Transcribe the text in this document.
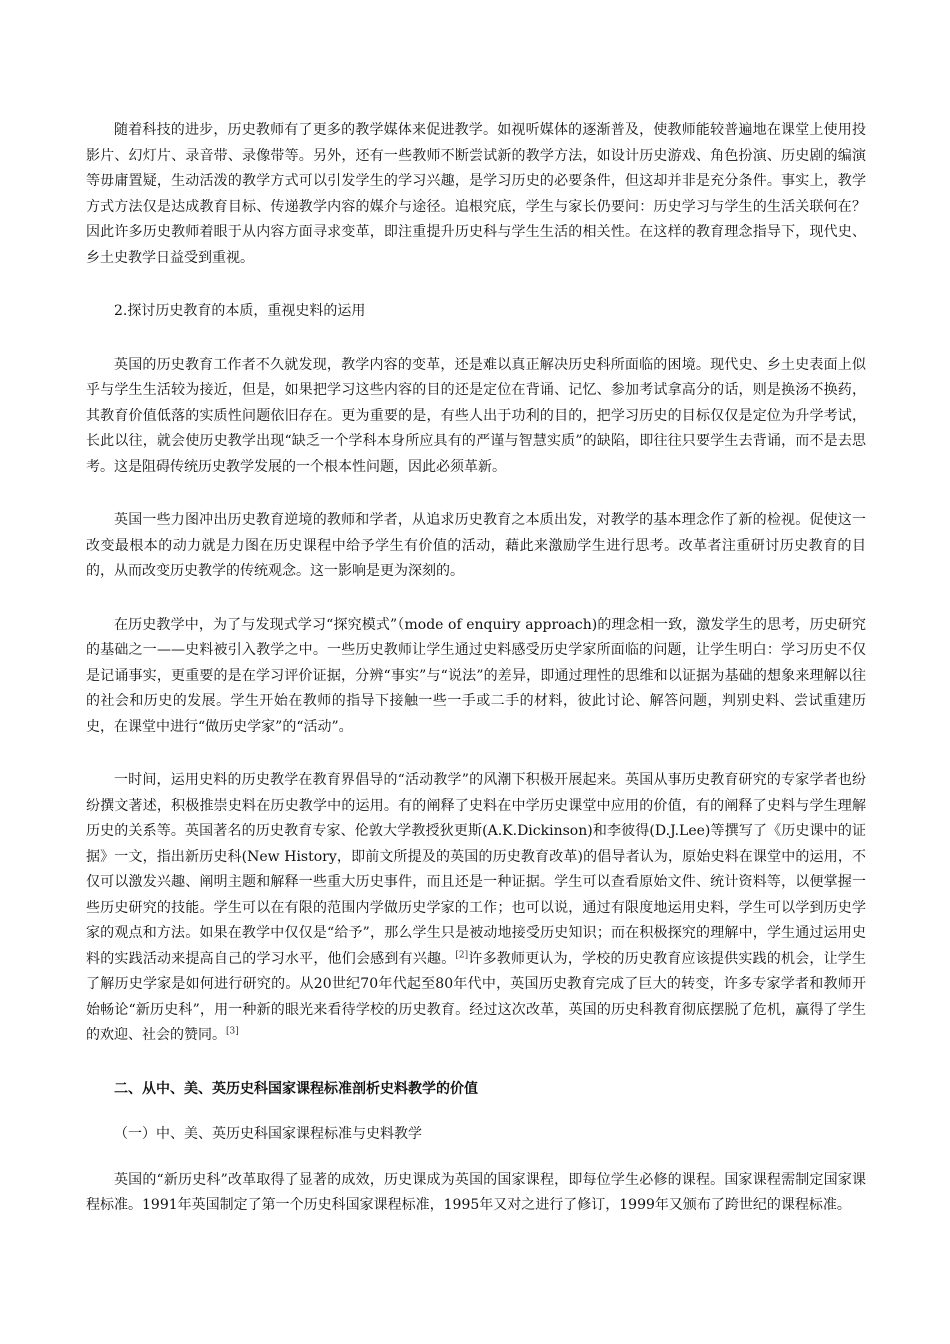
随着科技的进步，历史教师有了更多的教学媒体来促进教学。如视听媒体的逐渐普及，使教师能较普遍地在课堂上使用投影片、幻灯片、录音带、录像带等。另外，还有一些教师不断尝试新的教学方法，如设计历史游戏、角色扮演、历史剧的编演等毋庸置疑，生动活泼的教学方式可以引发学生的学习兴趣，是学习历史的必要条件，但这却并非是充分条件。事实上，教学方式方法仅是达成教育目标、传递教学内容的媒介与途径。追根究底，学生与家长仍要问：历史学习与学生的生活关联何在？因此许多历史教师着眼于从内容方面寻求变革，即注重提升历史科与学生生活的相关性。在这样的教育理念指导下，现代史、乡土史教学日益受到重视。

2.探讨历史教育的本质，重视史料的运用

英国的历史教育工作者不久就发现，教学内容的变革，还是难以真正解决历史科所面临的困境。现代史、乡土史表面上似乎与学生生活较为接近，但是，如果把学习这些内容的目的还是定位在背诵、记忆、参加考试拿高分的话，则是换汤不换药，其教育价值低落的实质性问题依旧存在。更为重要的是，有些人出于功利的目的，把学习历史的目标仅仅是定位为升学考试，长此以往，就会使历史教学出现“缺乏一个学科本身所应具有的严谨与智慧实质”的缺陷，即往往只要学生去背诵，而不是去思考。这是阻碍传统历史教学发展的一个根本性问题，因此必须革新。

英国一些力图冲出历史教育逆境的教师和学者，从追求历史教育之本质出发，对教学的基本理念作了新的检视。促使这一改变最根本的动力就是力图在历史课程中给予学生有价值的活动，藉此来激励学生进行思考。改革者注重研讨历史教育的目的，从而改变历史教学的传统观念。这一影响是更为深刻的。

在历史教学中，为了与发现式学习“探究模式”（mode of enquiry approach)的理念相一致，激发学生的思考，历史研究的基础之一——史料被引入教学之中。一些历史教师让学生通过史料感受历史学家所面临的问题，让学生明白：学习历史不仅是记诵事实，更重要的是在学习评价证据，分辨“事实”与“说法”的差异，即通过理性的思维和以证据为基础的想象来理解以往的社会和历史的发展。学生开始在教师的指导下接触一些一手或二手的材料，彼此讨论、解答问题，判别史料、尝试重建历史，在课堂中进行“做历史学家”的“活动”。

一时间，运用史料的历史教学在教育界倡导的“活动教学”的风潮下积极开展起来。英国从事历史教育研究的专家学者也纷纷撰文著述，积极推崇史料在历史教学中的运用。有的阐释了史料在中学历史课堂中应用的价值，有的阐释了史料与学生理解历史的关系等。英国著名的历史教育专家、伦敦大学教授狄更斯(A.K.Dickinson)和李彼得(D.J.Lee)等撰写了《历史课中的证据》一文，指出新历史科(New History，即前文所提及的英国的历史教育改革)的倡导者认为，原始史料在课堂中的运用，不仅可以激发兴趣、阐明主题和解释一些重大历史事件，而且还是一种证据。学生可以查看原始文件、统计资料等，以便掌握一些历史研究的技能。学生可以在有限的范围内学做历史学家的工作；也可以说，通过有限度地运用史料，学生可以学到历史学家的观点和方法。如果在教学中仅仅是“给予”，那么学生只是被动地接受历史知识；而在积极探究的理解中，学生通过运用史料的实践活动来提高自己的学习水平，他们会感到有兴趣。[2]许多教师更认为，学校的历史教育应该提供实践的机会，让学生了解历史学家是如何进行研究的。从20世纪70年代起至80年代中，英国历史教育完成了巨大的转变，许多专家学者和教师开始畅论“新历史科”，用一种新的眼光来看待学校的历史教育。经过这次改革，英国的历史科教育彻底摆脱了危机，赢得了学生的欢迎、社会的赞同。[3]

二、从中、美、英历史科国家课程标准剖析史料教学的价值

（一）中、美、英历史科国家课程标准与史料教学

英国的“新历史科”改革取得了显著的成效，历史课成为英国的国家课程，即每位学生必修的课程。国家课程需制定国家课程标准。1991年英国制定了第一个历史科国家课程标准，1995年又对之进行了修订，1999年又颁布了跨世纪的课程标准。
